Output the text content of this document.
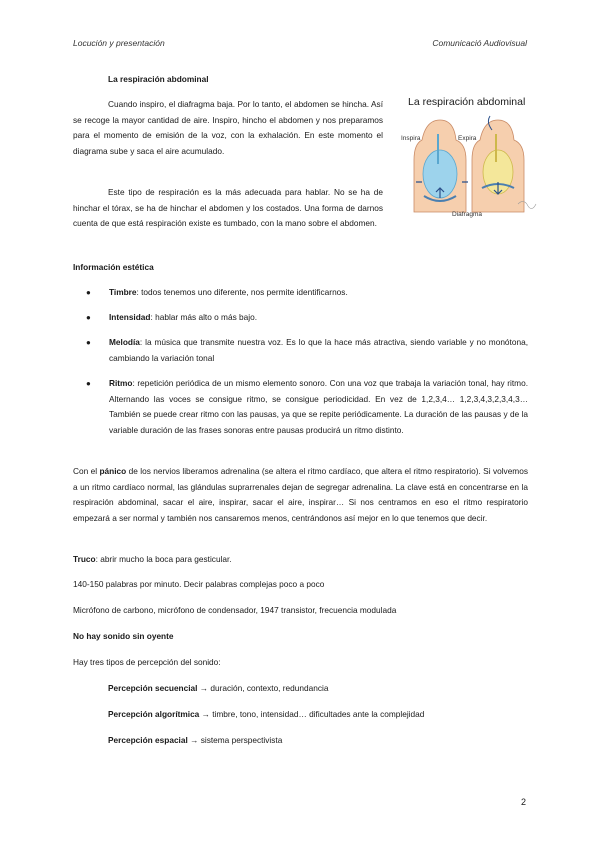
Locución y presentación	Comunicació Audiovisual
La respiración abdominal
Cuando inspiro, el diafragma baja. Por lo tanto, el abdomen se hincha. Así se recoge la mayor cantidad de aire. Inspiro, hincho el abdomen y nos preparamos para el momento de emisión de la voz, con la exhalación. En este momento el diagrama sube y saca el aire acumulado.
Este tipo de respiración es la más adecuada para hablar. No se ha de hinchar el tórax, se ha de hinchar el abdomen y los costados. Una forma de darnos cuenta de que está respiración existe es tumbado, con la mano sobre el abdomen.
La respiración abdominal
Inspira	Expira
Diafragma
Información estética
● Timbre: todos tenemos uno diferente, nos permite identificarnos.
● Intensidad: hablar más alto o más bajo.
● Melodía: la música que transmite nuestra voz. Es lo que la hace más atractiva, siendo variable y no monótona, cambiando la variación tonal
● Ritmo: repetición periódica de un mismo elemento sonoro. Con una voz que trabaja la variación tonal, hay ritmo. Alternando las voces se consigue ritmo, se consigue periodicidad. En vez de 1,2,3,4… 1,2,3,4,3,2,3,4,3… También se puede crear ritmo con las pausas, ya que se repite periódicamente. La duración de las pausas y de la variable duración de las frases sonoras entre pausas producirá un ritmo distinto.
Con el pánico de los nervios liberamos adrenalina (se altera el ritmo cardíaco, que altera el ritmo respiratorio). Si volvemos a un ritmo cardíaco normal, las glándulas suprarrenales dejan de segregar adrenalina. La clave está en concentrarse en la respiración abdominal, sacar el aire, inspirar, sacar el aire, inspirar… Si nos centramos en eso el ritmo respiratorio empezará a ser normal y también nos cansaremos menos, centrándonos así mejor en lo que tenemos que decir.
Truco: abrir mucho la boca para gesticular.
140-150 palabras por minuto. Decir palabras complejas poco a poco
Micrófono de carbono, micrófono de condensador, 1947 transistor, frecuencia modulada
No hay sonido sin oyente
Hay tres tipos de percepción del sonido:
Percepción secuencial → duración, contexto, redundancia
Percepción algorítmica → timbre, tono, intensidad… dificultades ante la complejidad
Percepción espacial → sistema perspectivista
2
